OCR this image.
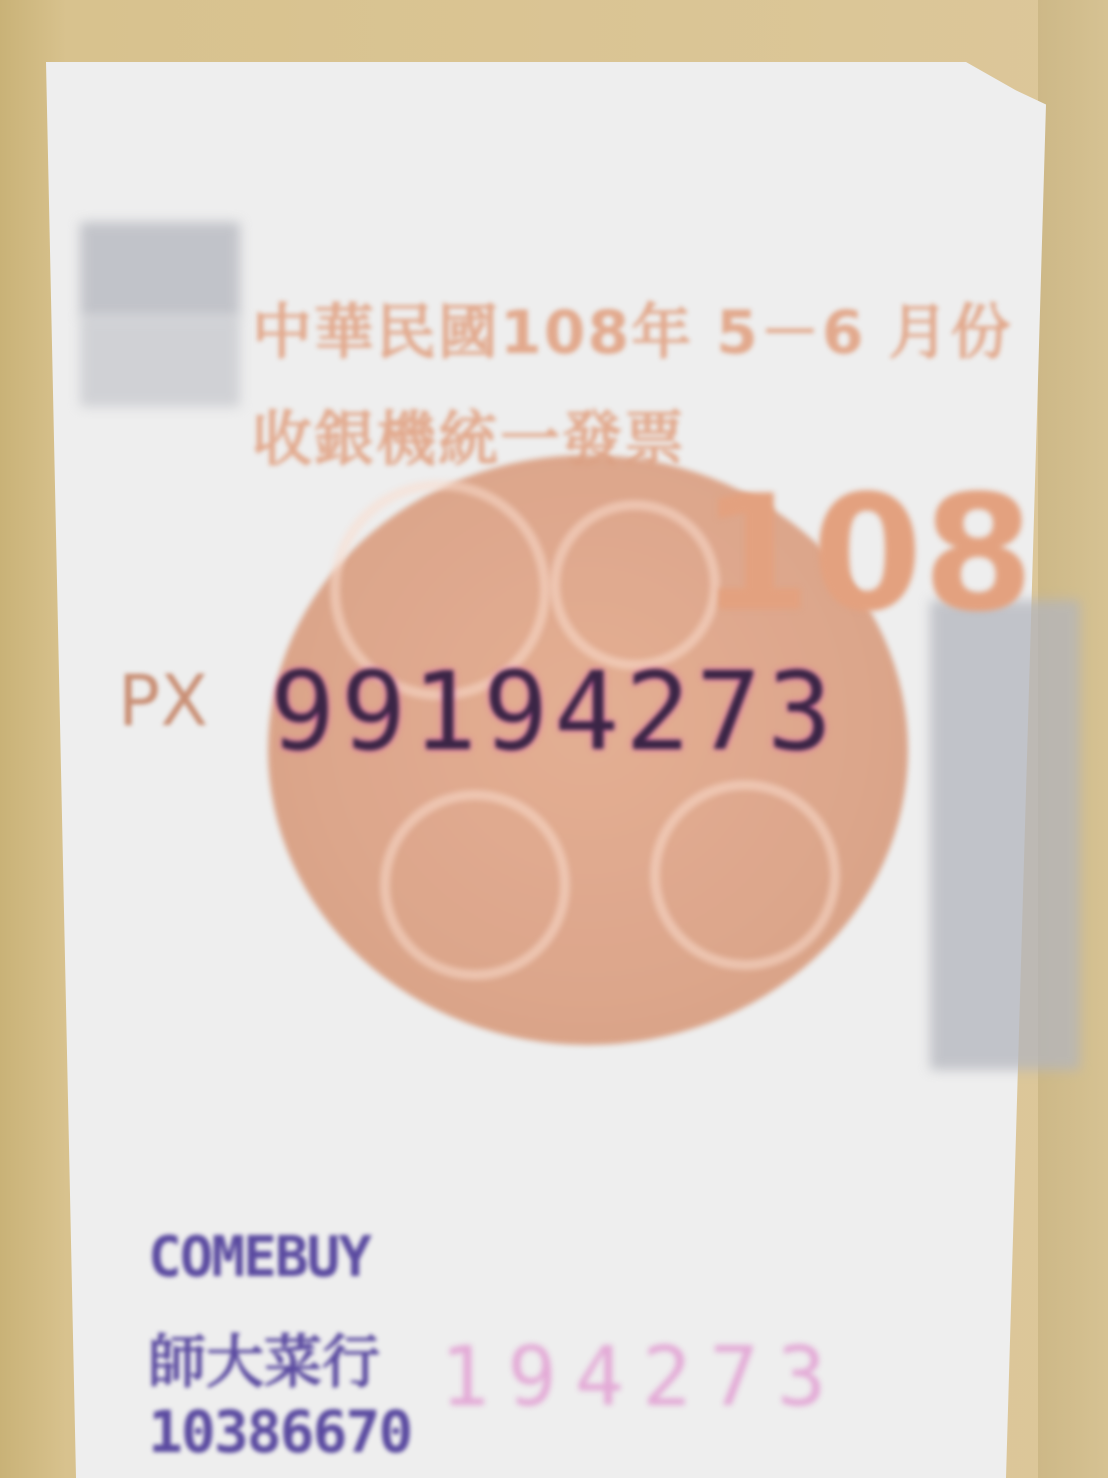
中華民國108年 5－6 月份
收銀機統一發票
108
PX 99194273
COMEBUY
師大菜行
10386670
194273
